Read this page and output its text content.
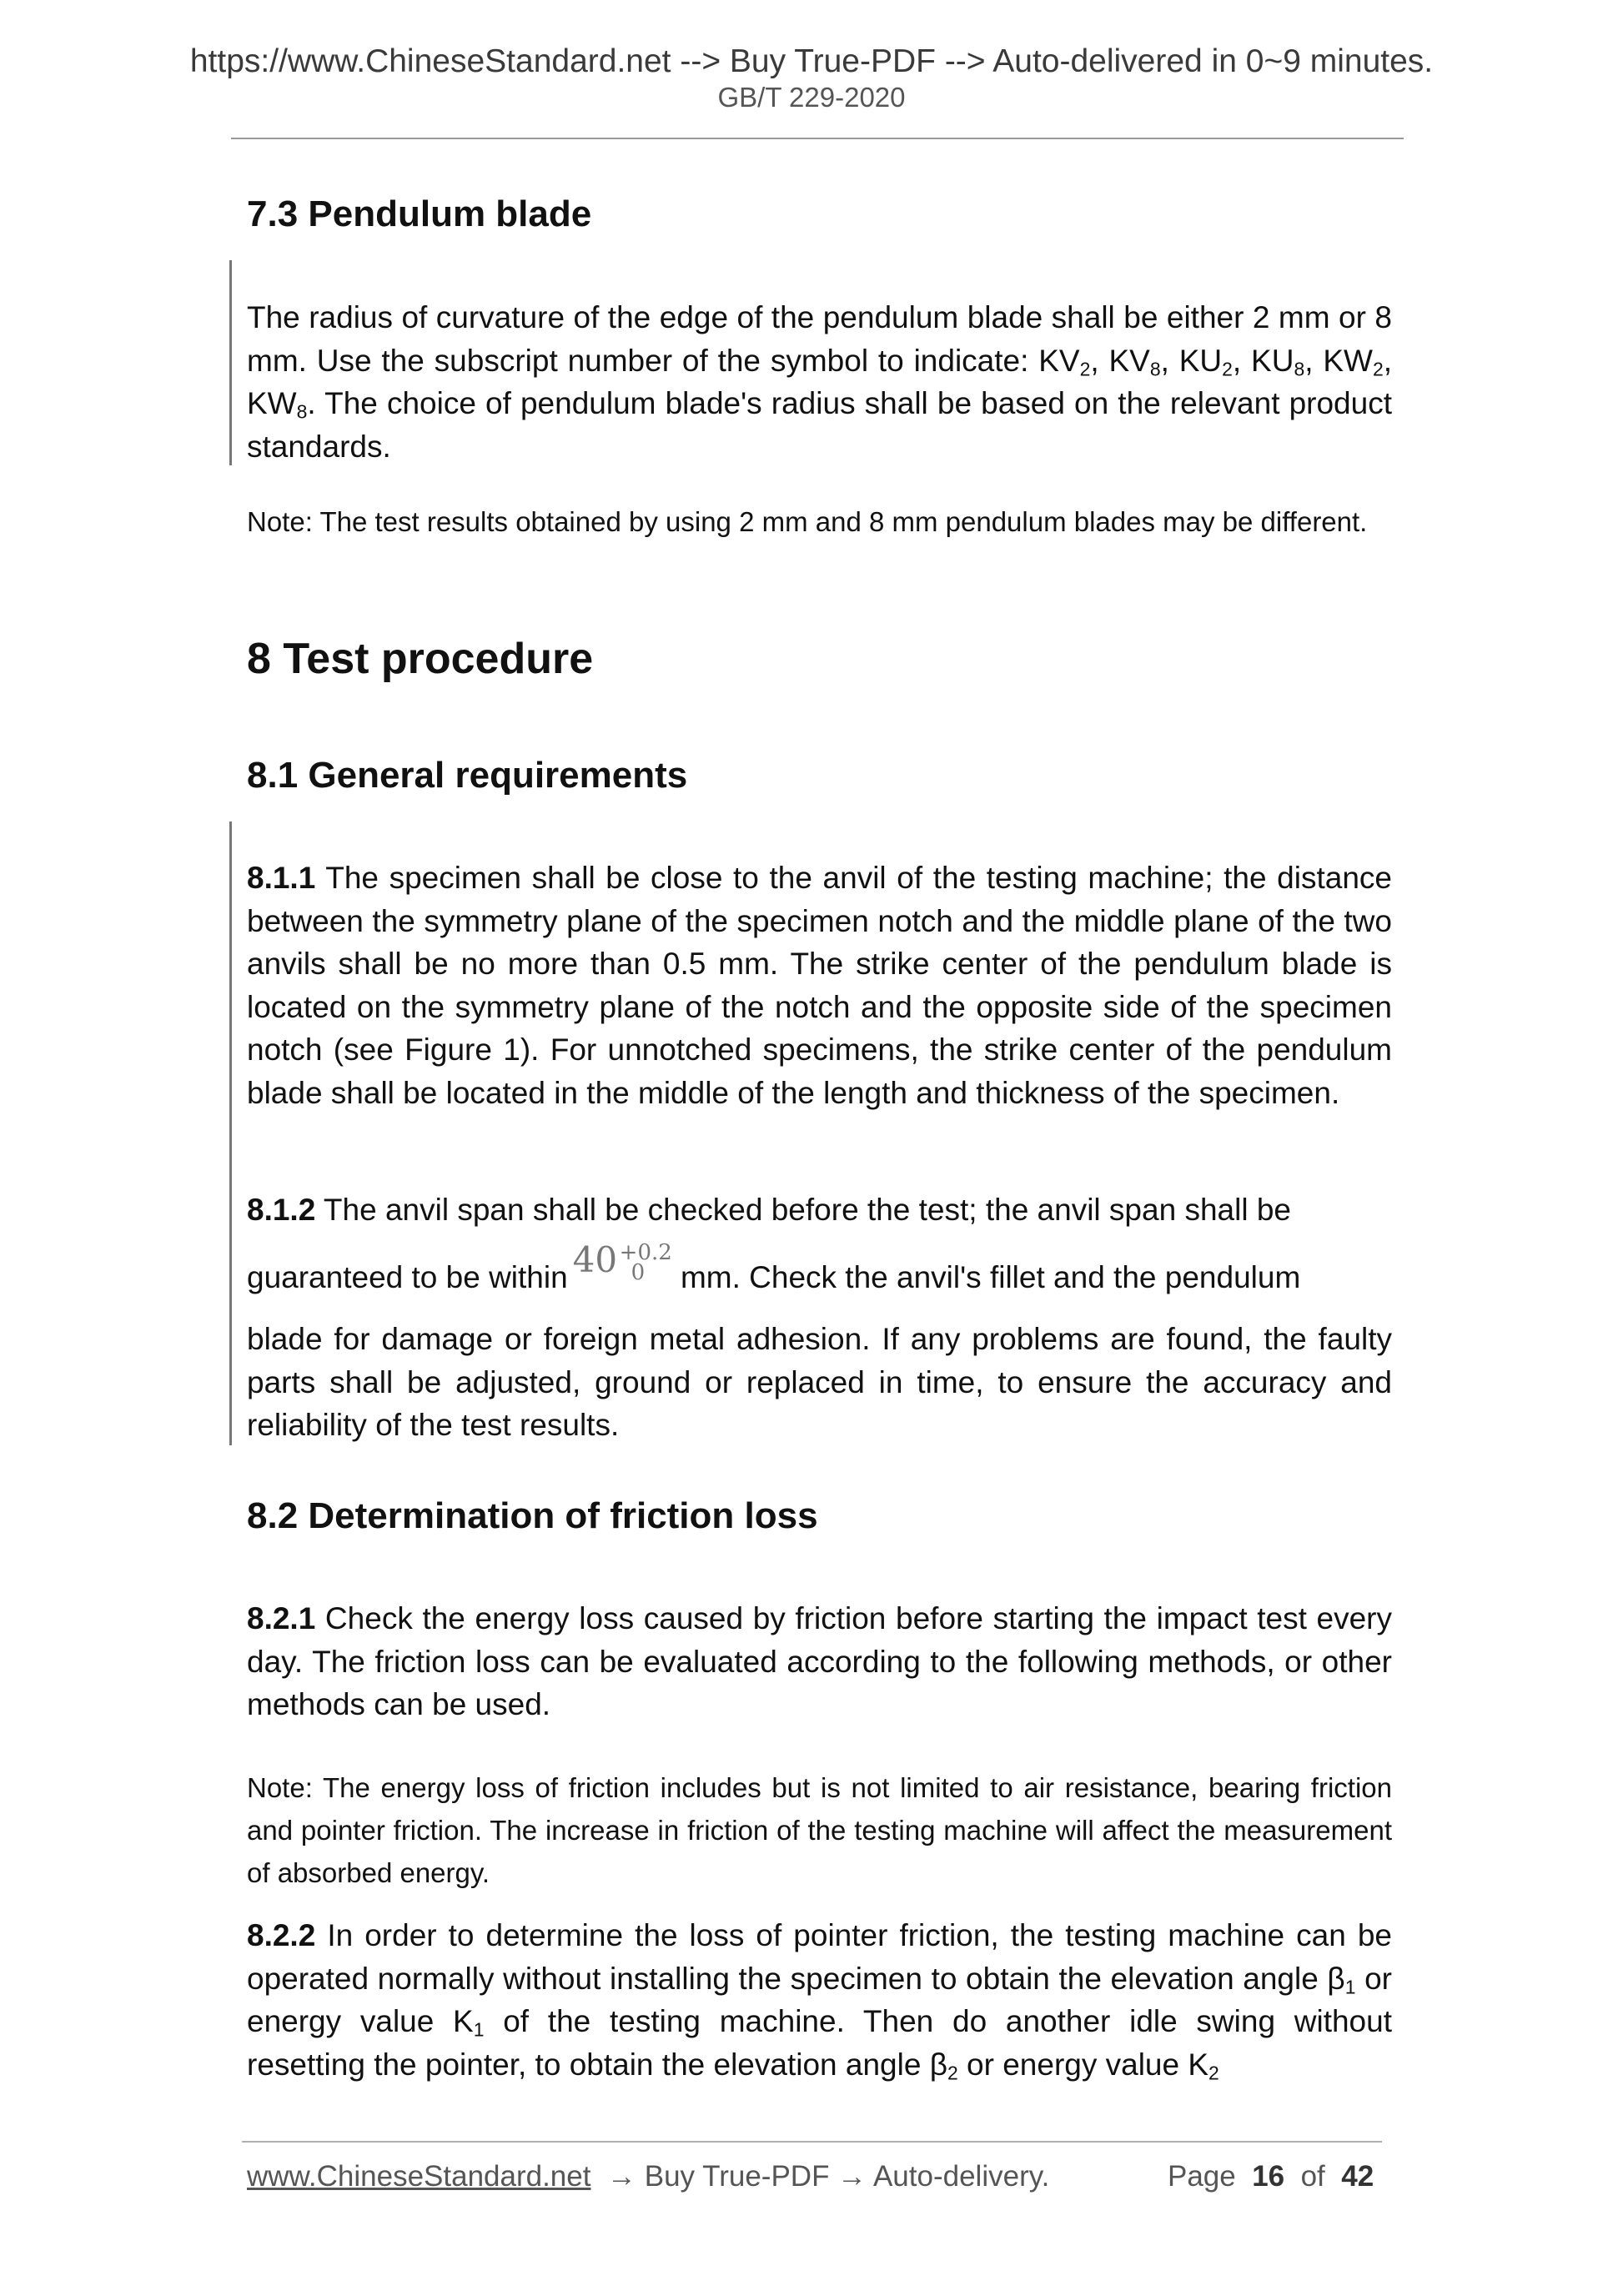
https://www.ChineseStandard.net --> Buy True-PDF --> Auto-delivered in 0~9 minutes.
GB/T 229-2020
7.3 Pendulum blade
The radius of curvature of the edge of the pendulum blade shall be either 2 mm or 8 mm. Use the subscript number of the symbol to indicate: $KV_2$, $KV_8$, $KU_2$, $KU_8$, $KW_2$, $KW_8$. The choice of pendulum blade's radius shall be based on the relevant product standards.
Note: The test results obtained by using 2 mm and 8 mm pendulum blades may be different.
8 Test procedure
8.1 General requirements
8.1.1 The specimen shall be close to the anvil of the testing machine; the distance between the symmetry plane of the specimen notch and the middle plane of the two anvils shall be no more than 0.5 mm. The strike center of the pendulum blade is located on the symmetry plane of the notch and the opposite side of the specimen notch (see Figure 1). For unnotched specimens, the strike center of the pendulum blade shall be located in the middle of the length and thickness of the specimen.
8.1.2 The anvil span shall be checked before the test; the anvil span shall be
guaranteed to be within 40 +0.2
0 mm. Check the anvil's fillet and the pendulum
blade for damage or foreign metal adhesion. If any problems are found, the faulty parts shall be adjusted, ground or replaced in time, to ensure the accuracy and reliability of the test results.
8.2 Determination of friction loss
8.2.1 Check the energy loss caused by friction before starting the impact test every day. The friction loss can be evaluated according to the following methods, or other methods can be used.
Note: The energy loss of friction includes but is not limited to air resistance, bearing friction and pointer friction. The increase in friction of the testing machine will affect the measurement of absorbed energy.
8.2.2 In order to determine the loss of pointer friction, the testing machine can be operated normally without installing the specimen to obtain the elevation angle $\beta_1$ or energy value $K_1$ of the testing machine. Then do another idle swing without resetting the pointer, to obtain the elevation angle $\beta_2$ or energy value $K_2$
www.ChineseStandard.net → Buy True-PDF → Auto-delivery.	Page 16 of 42
